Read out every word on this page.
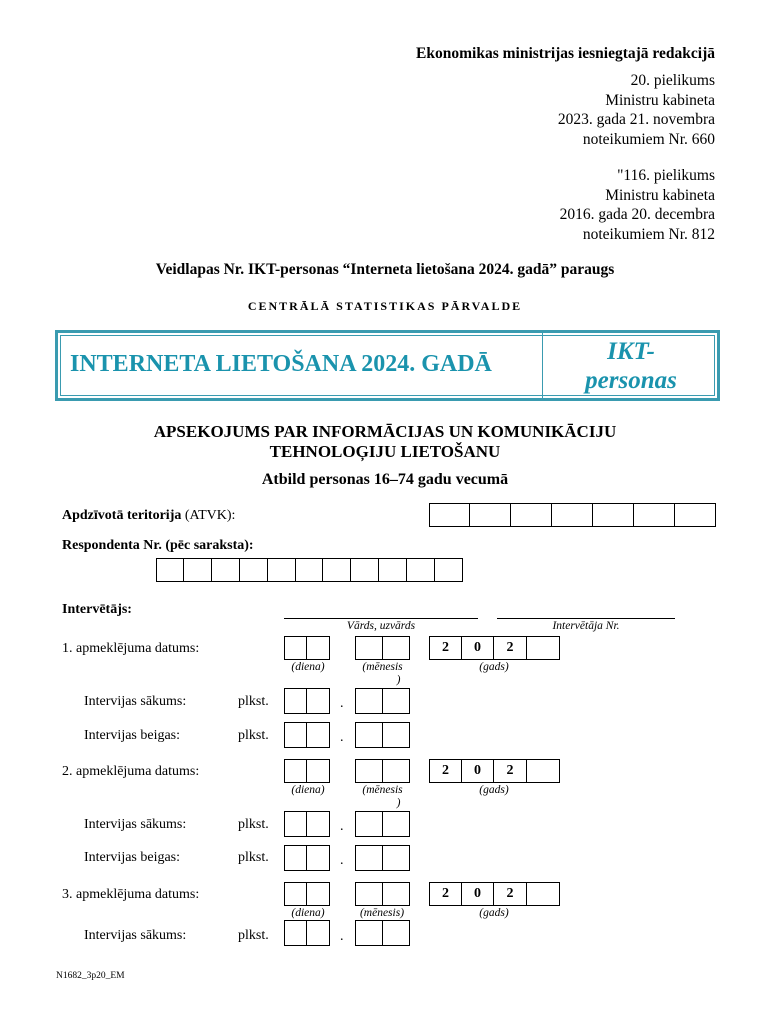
Ekonomikas ministrijas iesniegtajā redakcijā
20. pielikums
Ministru kabineta
2023. gada 21. novembra
noteikumiem Nr. 660
"116. pielikums
Ministru kabineta
2016. gada 20. decembra
noteikumiem Nr. 812
Veidlapas Nr. IKT-personas “Interneta lietošana 2024. gadā” paraugs
CENTRĀLĀ STATISTIKAS PĀRVALDE
INTERNETA LIETOŠANA 2024. GADĀ	IKT-
personas
APSEKOJUMS PAR INFORMĀCIJAS UN KOMUNIKĀCIJU
TEHNOLOĢIJU LIETOŠANU
Atbild personas 16–74 gadu vecumā
Apdzīvotā teritorija (ATVK):
Respondenta Nr. (pēc saraksta):
Intervētājs:
Vārds, uzvārds	Intervētāja Nr.
1. apmeklējuma datums:	2	0	2
(diena)	(mēnesis
)
(gads)
Intervijas sākums:	plkst.	.
Intervijas beigas:	plkst.	.
2. apmeklējuma datums:	2	0	2
(diena)	(mēnesis
)
(gads)
Intervijas sākums:	plkst.	.
Intervijas beigas:	plkst.	.
3. apmeklējuma datums:	2	0	2
(diena)	(mēnesis)	(gads)
Intervijas sākums:	plkst.	.
N1682_3p20_EM
